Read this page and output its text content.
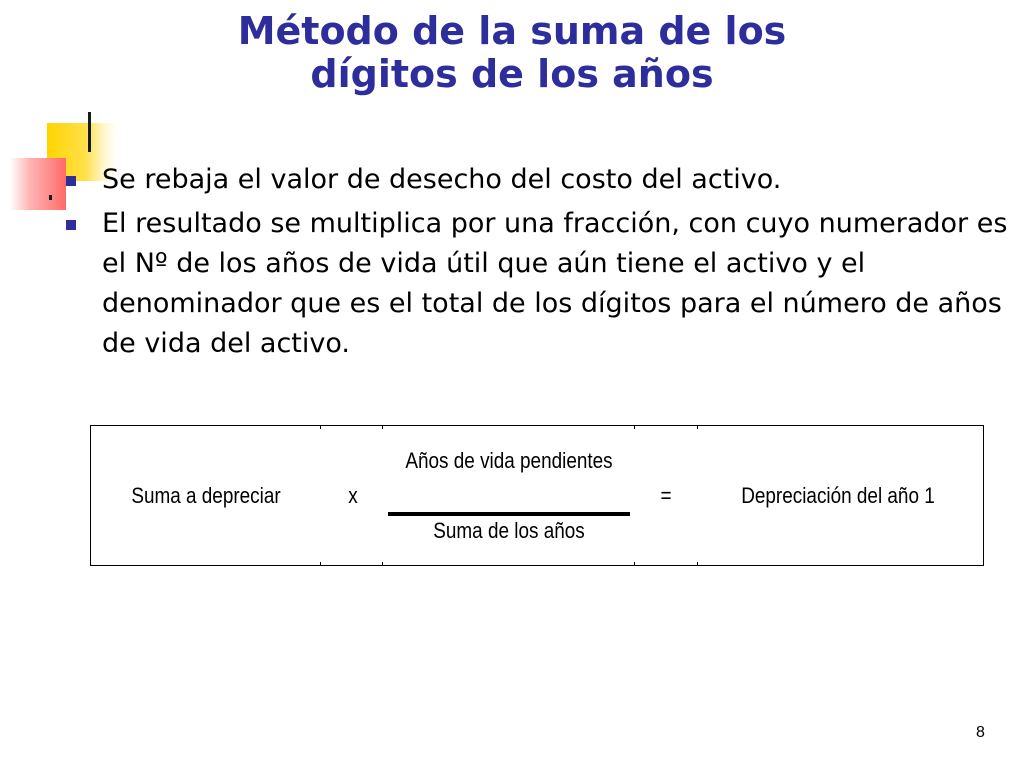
Método de la suma de los
dígitos de los años
Se rebaja el valor de desecho del costo del activo.
El resultado se multiplica por una fracción, con cuyo numerador es el Nº de los años de vida útil que aún tiene el activo y el denominador que es el total de los dígitos para el número de años de vida del activo.
Suma a depreciar	x
Años de vida pendientes
Suma de los años
=	Depreciación del año 1
8
